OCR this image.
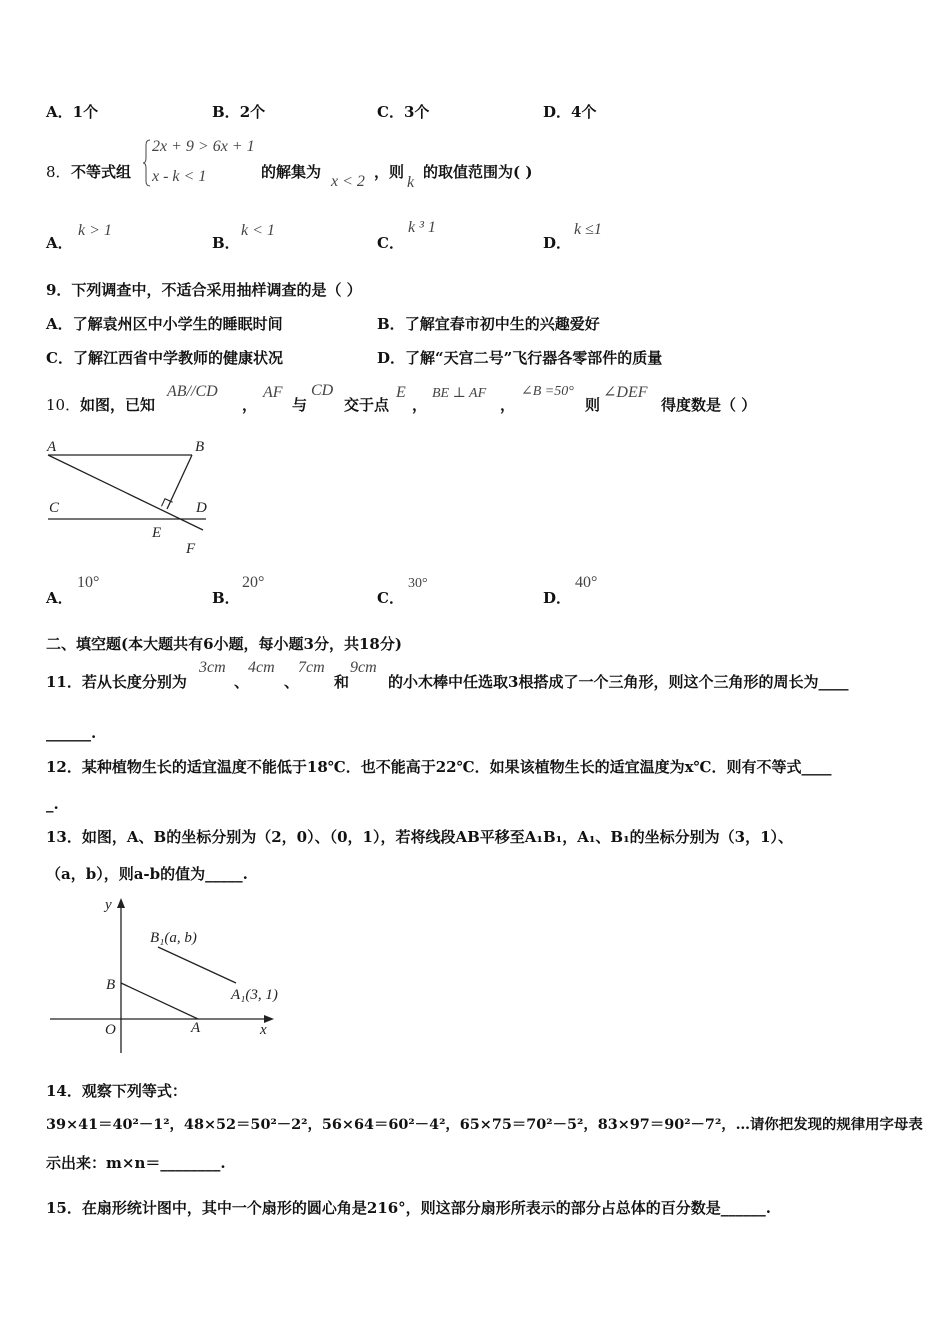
A．1个	B．2个	C．3个	D．4个
8． 不等式组
2x + 9 > 6x + 1
x - k < 1	的解集为
x < 2
，则
k
的取值范围为( )
A．
k > 1
B．
k < 1
C．
k ³ 1
D．
k ≤1
9．下列调查中，不适合采用抽样调查的是（ ）
A．了解袁州区中小学生的睡眠时间	B．了解宜春市初中生的兴趣爱好
C．了解江西省中学教师的健康状况	D．了解“天宫二号”飞行器各零部件的质量
10． 如图，已知
AB//CD
，
AF
与
CD
交于点
E
，
BE ⊥ AF
，
∠B =50°
则
∠DEF
得度数是（ ）
A	B
C	D
E
F
A．
10°
B．
20°
C．
30°
D．
40°
二、填空题(本大题共有6小题，每小题3分，共18分)
11．若从长度分别为
3cm
、
4cm
、
7cm
和
9cm
的小木棒中任选取3根搭成了一个三角形，则这个三角形的周长为____
______.
12．某种植物生长的适宜温度不能低于18℃．也不能高于22℃．如果该植物生长的适宜温度为x℃．则有不等式____
_.
13．如图，A、B的坐标分别为（2，0）、（0，1），若将线段AB平移至A₁B₁，A₁、B₁的坐标分别为（3，1）、
（a，b），则a-b的值为_____.
y
x
O	A
B
B₁(a, b)
A₁(3, 1)
14．观察下列等式：
39×41＝40²－1²，48×52＝50²－2²，56×64＝60²－4²，65×75＝70²－5²，83×97＝90²－7²，…请你把发现的规律用字母表
示出来：m×n＝________.
15．在扇形统计图中，其中一个扇形的圆心角是216°，则这部分扇形所表示的部分占总体的百分数是______.
